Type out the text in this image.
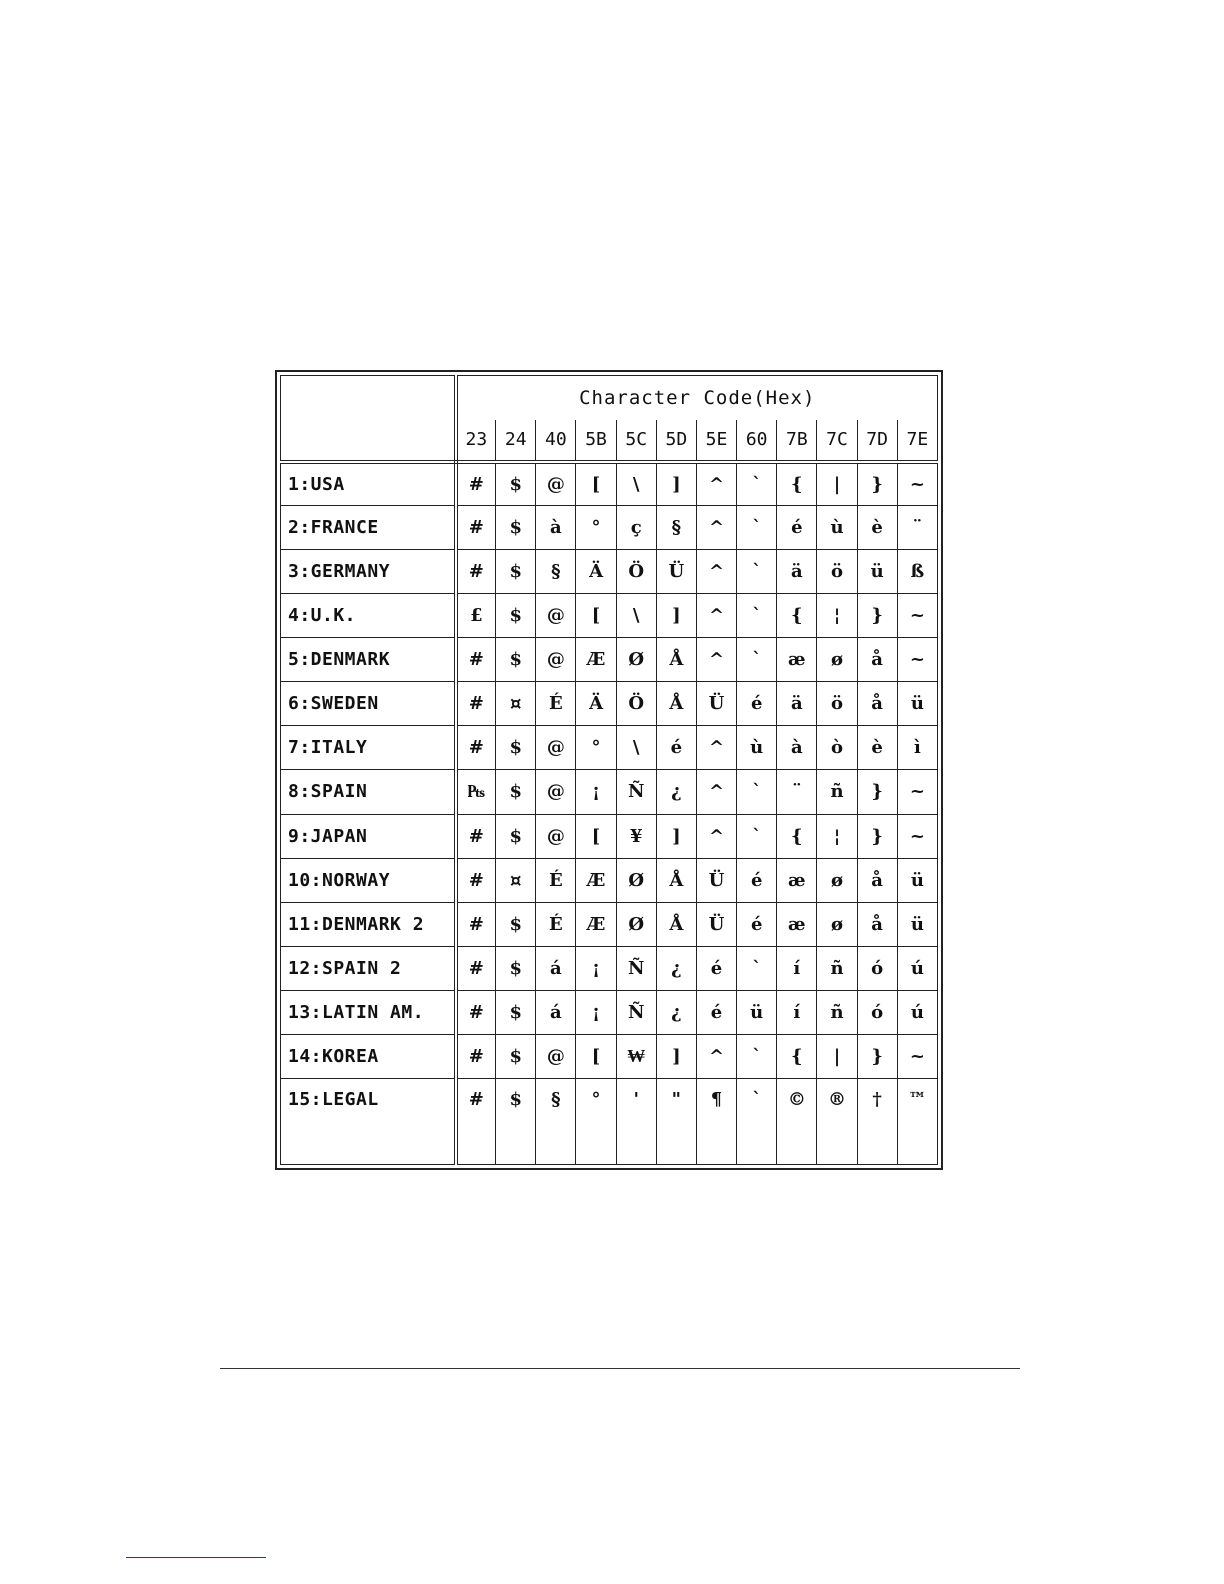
	Character Code(Hex)											
	23	24	40	5B	5C	5D	5E	60	7B	7C	7D	7E
1:USA	#	$	@	[	\	]	^	`	{	|	}	~
2:FRANCE	#	$	à	°	ç	§	^	`	é	ù	è	¨
3:GERMANY	#	$	§	Ä	Ö	Ü	^	`	ä	ö	ü	ß
4:U.K.	£	$	@	[	\	]	^	`	{	¦	}	~
5:DENMARK	#	$	@	Æ	Ø	Å	^	`	æ	ø	å	~
6:SWEDEN	#	¤	É	Ä	Ö	Å	Ü	é	ä	ö	å	ü
7:ITALY	#	$	@	°	\	é	^	ù	à	ò	è	ì
8:SPAIN	₧	$	@	¡	Ñ	¿	^	`	¨	ñ	}	~
9:JAPAN	#	$	@	[	¥	]	^	`	{	¦	}	~
10:NORWAY	#	¤	É	Æ	Ø	Å	Ü	é	æ	ø	å	ü
11:DENMARK 2	#	$	É	Æ	Ø	Å	Ü	é	æ	ø	å	ü
12:SPAIN 2	#	$	á	¡	Ñ	¿	é	`	í	ñ	ó	ú
13:LATIN AM.	#	$	á	¡	Ñ	¿	é	ü	í	ñ	ó	ú
14:KOREA	#	$	@	[	₩	]	^	`	{	|	}	~
15:LEGAL	#	$	§	°	'	"	¶	`	©	®	†	™
